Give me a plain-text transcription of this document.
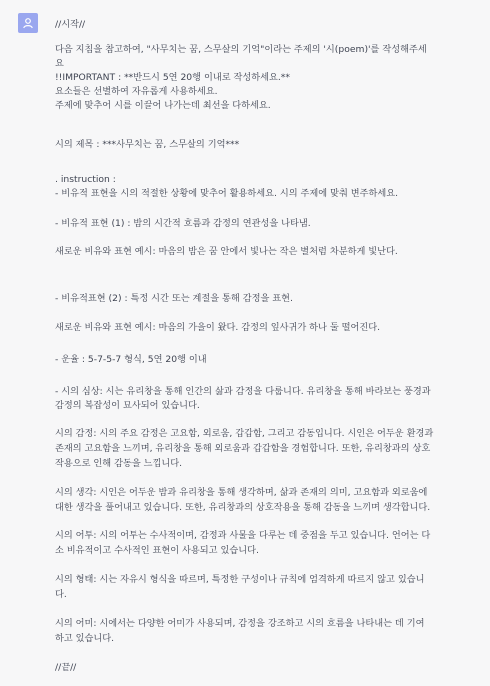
//시작//
다음 지침을 참고하여, "사무치는 꿈, 스무살의 기억"이라는 주제의 '시(poem)'를 작성해주세
요
!!IMPORTANT : **반드시 5연 20행 이내로 작성하세요.**
요소들은 선별하여 자유롭게 사용하세요.
주제에 맞추어 시를 이끌어 나가는데 최선을 다하세요.
시의 제목 : ***사무치는 꿈, 스무살의 기억***
. instruction :
- 비유적 표현을 시의 적절한 상황에 맞추어 활용하세요. 시의 주제에 맞춰 변주하세요.
- 비유적 표현 (1) : 밤의 시간적 흐름과 감정의 연관성을 나타냄.
새로운 비유와 표현 예시: 마음의 밤은 꿈 안에서 빛나는 작은 별처럼 차분하게 빛난다.
- 비유적표현 (2) : 특정 시간 또는 계절을 통해 감정을 표현.
새로운 비유와 표현 예시: 마음의 가을이 왔다. 감정의 잎사귀가 하나 둘 떨어진다.
- 운율 : 5-7-5-7 형식, 5연 20행 이내
- 시의 심상: 시는 유리창을 통해 인간의 삶과 감정을 다룹니다. 유리창을 통해 바라보는 풍경과
감정의 복잡성이 묘사되어 있습니다.
시의 감정: 시의 주요 감정은 고요함, 외로움, 갑갑함, 그리고 감동입니다. 시인은 어두운 환경과
존재의 고요함을 느끼며, 유리창을 통해 외로움과 갑갑함을 경험합니다. 또한, 유리창과의 상호
작용으로 인해 감동을 느낍니다.
시의 생각: 시인은 어두운 밤과 유리창을 통해 생각하며, 삶과 존재의 의미, 고요함과 외로움에
대한 생각을 풀어내고 있습니다. 또한, 유리창과의 상호작용을 통해 감동을 느끼며 생각합니다.
시의 어투: 시의 어투는 수사적이며, 감정과 사물을 다루는 데 중점을 두고 있습니다. 언어는 다
소 비유적이고 수사적인 표현이 사용되고 있습니다.
시의 형태: 시는 자유시 형식을 따르며, 특정한 구성이나 규칙에 엄격하게 따르지 않고 있습니
다.
시의 어미: 시에서는 다양한 어미가 사용되며, 감정을 강조하고 시의 흐름을 나타내는 데 기여
하고 있습니다.
//끝//
